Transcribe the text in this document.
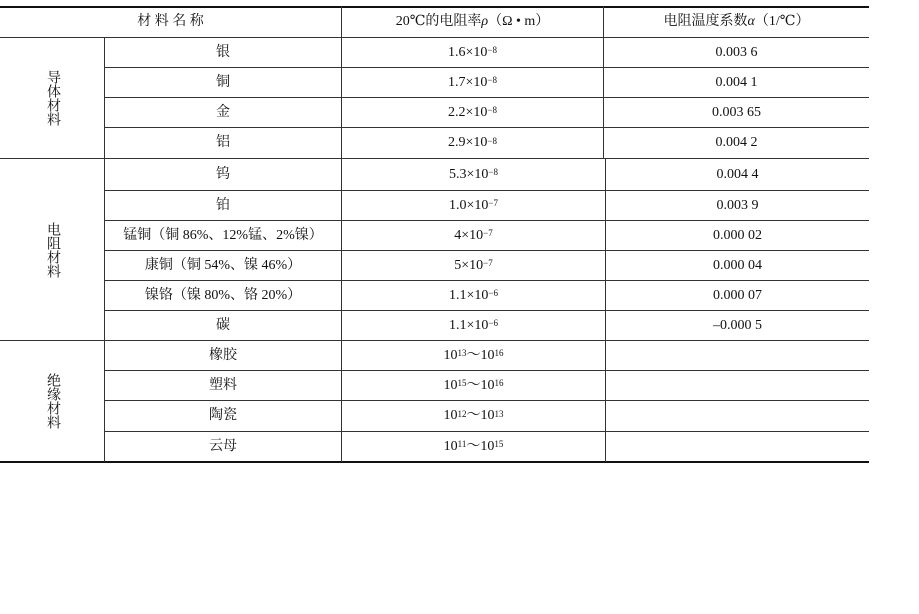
材 料 名 称	20℃的电阻率 ρ （Ω • m）	电阻温度系数 α （1/℃）
导体材料
电阻材料
绝缘材料
银	$1.6\times 10^{-8}$	0.003 6
铜	$1.7\times 10^{-8}$	0.004 1
金	$2.2\times 10^{-8}$	0.003 65
铝	$2.9\times 10^{-8}$	0.004 2
钨	$5.3\times 10^{-8}$	0.004 4
铂	$1.0\times 10^{-7}$	0.003 9
锰铜（铜 86%、12%锰、2%镍）	$4\times 10^{-7}$	0.000 02
康铜（铜 54%、镍 46%）	$5\times 10^{-7}$	0.000 04
镍铬（镍 80%、铬 20%）	$1.1\times 10^{-6}$	0.000 07
碳	$1.1\times 10^{-6}$	–0.000 5
橡胶	$10^{13}$ $\sim 10^{16}$
塑料	$10^{15}$ $\sim 10^{16}$
陶瓷	$10^{12}$ $\sim 10^{13}$
云母	$10^{11}$ $\sim 10^{15}$
